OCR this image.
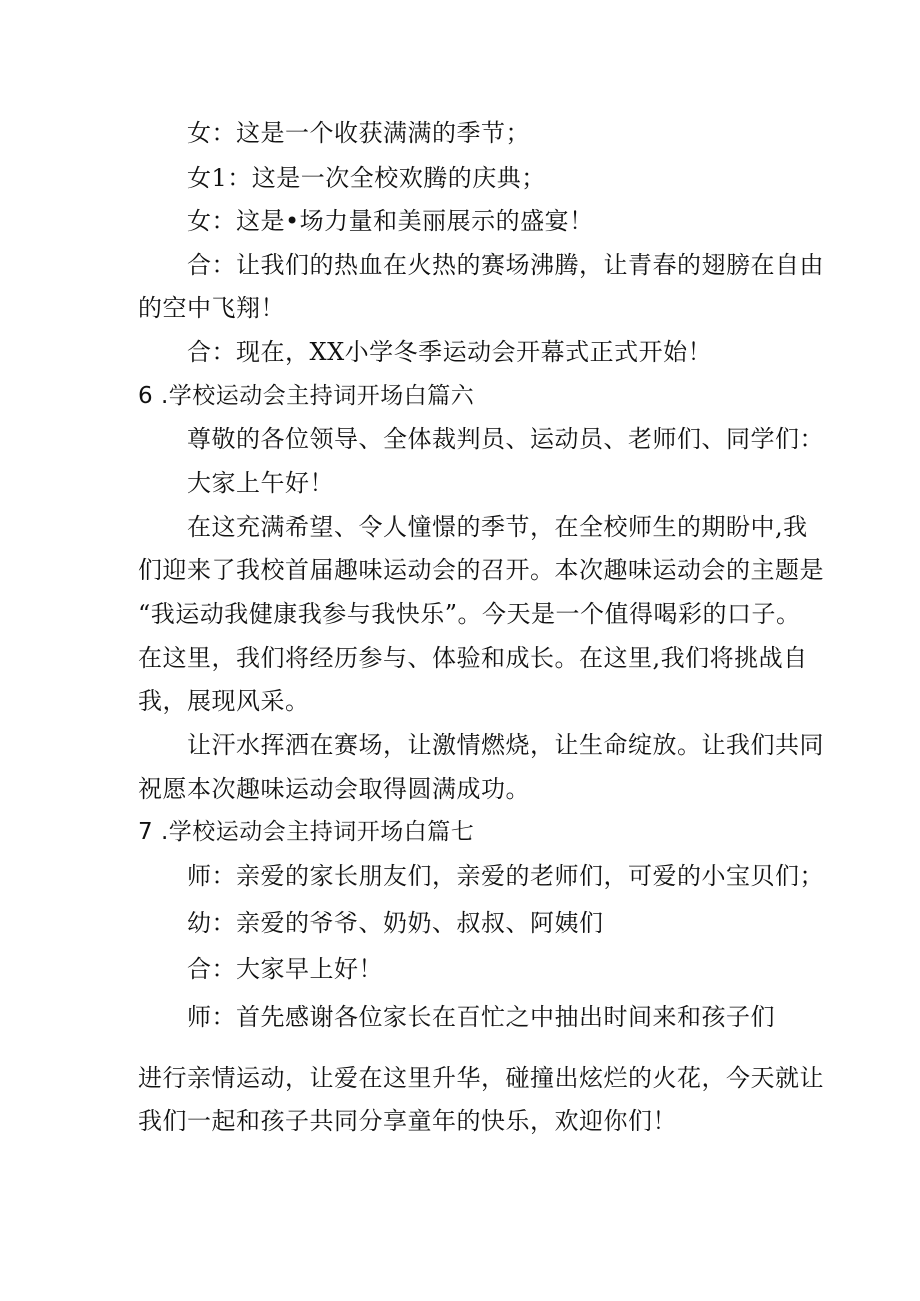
女：这是一个收获满满的季节；
女1：这是一次全校欢腾的庆典；
女：这是•场力量和美丽展示的盛宴！
合：让我们的热血在火热的赛场沸腾，让青春的翅膀在自由
的空中飞翔！
合：现在，XX小学冬季运动会开幕式正式开始！
6 .学校运动会主持词开场白篇六
尊敬的各位领导、全体裁判员、运动员、老师们、同学们：
大家上午好！
在这充满希望、令人憧憬的季节，在全校师生的期盼中,我
们迎来了我校首届趣味运动会的召开。本次趣味运动会的主题是
“我运动我健康我参与我快乐”。今天是一个值得喝彩的口子。
在这里，我们将经历参与、体验和成长。在这里,我们将挑战自
我，展现风采。
让汗水挥洒在赛场，让激情燃烧，让生命绽放。让我们共同
祝愿本次趣味运动会取得圆满成功。
7 .学校运动会主持词开场白篇七
师：亲爱的家长朋友们，亲爱的老师们，可爱的小宝贝们；
幼：亲爱的爷爷、奶奶、叔叔、阿姨们
合：大家早上好！
师：首先感谢各位家长在百忙之中抽出时间来和孩子们
进行亲情运动，让爱在这里升华，碰撞出炫烂的火花，今天就让
我们一起和孩子共同分享童年的快乐，欢迎你们！
